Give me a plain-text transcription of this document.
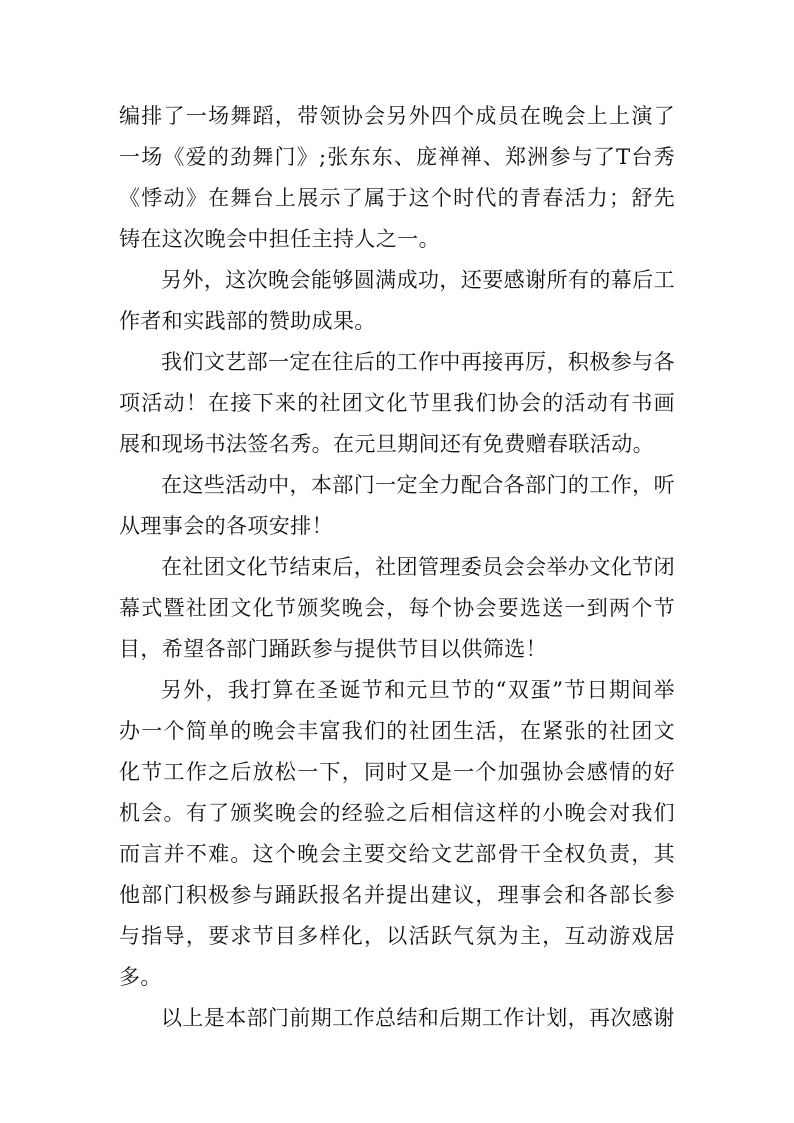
编排了一场舞蹈，带领协会另外四个成员在晚会上上演了一场《爱的劲舞门》;张东东、庞禅禅、郑洲参与了T台秀《悸动》在舞台上展示了属于这个时代的青春活力；舒先铸在这次晚会中担任主持人之一。

另外，这次晚会能够圆满成功，还要感谢所有的幕后工作者和实践部的赞助成果。

我们文艺部一定在往后的工作中再接再厉，积极参与各项活动！在接下来的社团文化节里我们协会的活动有书画展和现场书法签名秀。在元旦期间还有免费赠春联活动。

在这些活动中，本部门一定全力配合各部门的工作，听从理事会的各项安排！

在社团文化节结束后，社团管理委员会会举办文化节闭幕式暨社团文化节颁奖晚会，每个协会要选送一到两个节目，希望各部门踊跃参与提供节目以供筛选！

另外，我打算在圣诞节和元旦节的“双蛋”节日期间举办一个简单的晚会丰富我们的社团生活，在紧张的社团文化节工作之后放松一下，同时又是一个加强协会感情的好机会。有了颁奖晚会的经验之后相信这样的小晚会对我们而言并不难。这个晚会主要交给文艺部骨干全权负责，其他部门积极参与踊跃报名并提出建议，理事会和各部长参与指导，要求节目多样化，以活跃气氛为主，互动游戏居多。

以上是本部门前期工作总结和后期工作计划，再次感谢
